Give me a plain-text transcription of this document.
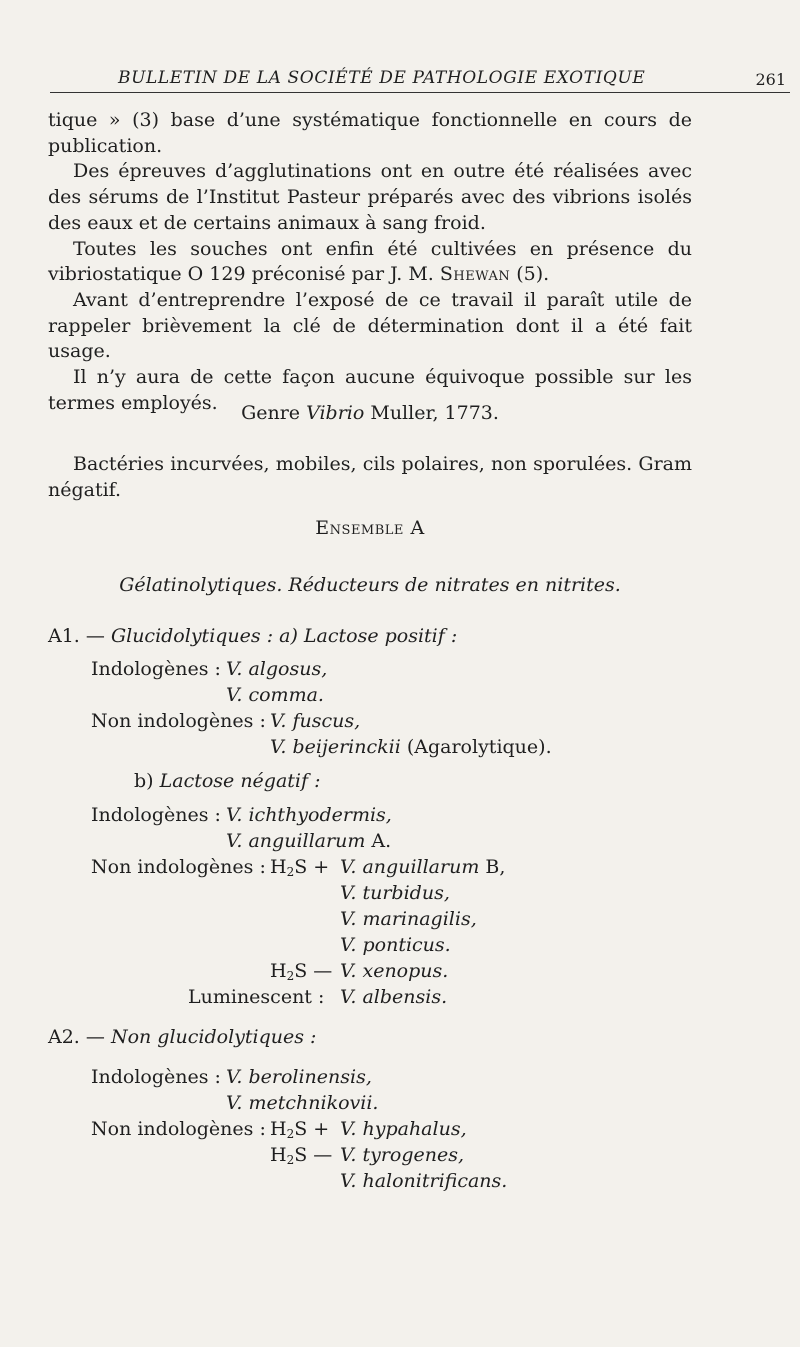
BULLETIN DE LA SOCIÉTÉ DE PATHOLOGIE EXOTIQUE	261

tique » (3) base d’une systématique fonctionnelle en cours de publication.

Des épreuves d’agglutinations ont en outre été réalisées avec des sérums de l’Institut Pasteur préparés avec des vibrions isolés des eaux et de certains animaux à sang froid.

Toutes les souches ont enfin été cultivées en présence du vibriostatique O 129 préconisé par J. M. Shewan (5).

Avant d’entreprendre l’exposé de ce travail il paraît utile de rappeler brièvement la clé de détermination dont il a été fait usage.

Il n’y aura de cette façon aucune équivoque possible sur les termes employés.	Genre Vibrio Muller, 1773.

Bactéries incurvées, mobiles, cils polaires, non sporulées. Gram négatif.

Ensemble A
Gélatinolytiques. Réducteurs de nitrates en nitrites.
A1. — Glucidolytiques : a) Lactose positif :
Indologènes : V. algosus,
V. comma.
Non indologènes : V. fuscus,
V. beijerinckii (Agarolytique).
b) Lactose négatif :
Indologènes : V. ichthyodermis,
V. anguillarum A.
Non indologènes : $H_2S + V$. anguillarum B,
V. turbidus,
V. marinagilis,
V. ponticus.
$H_2S$ — V. xenopus.
Luminescent : V. albensis.
A2. — Non glucidolytiques :
Indologènes : V. berolinensis,
V. metchnikovii.
Non indologènes : $H_2S + V$. hypahalus,
$H_2S$ — V. tyrogenes,
V. halonitrificans.
